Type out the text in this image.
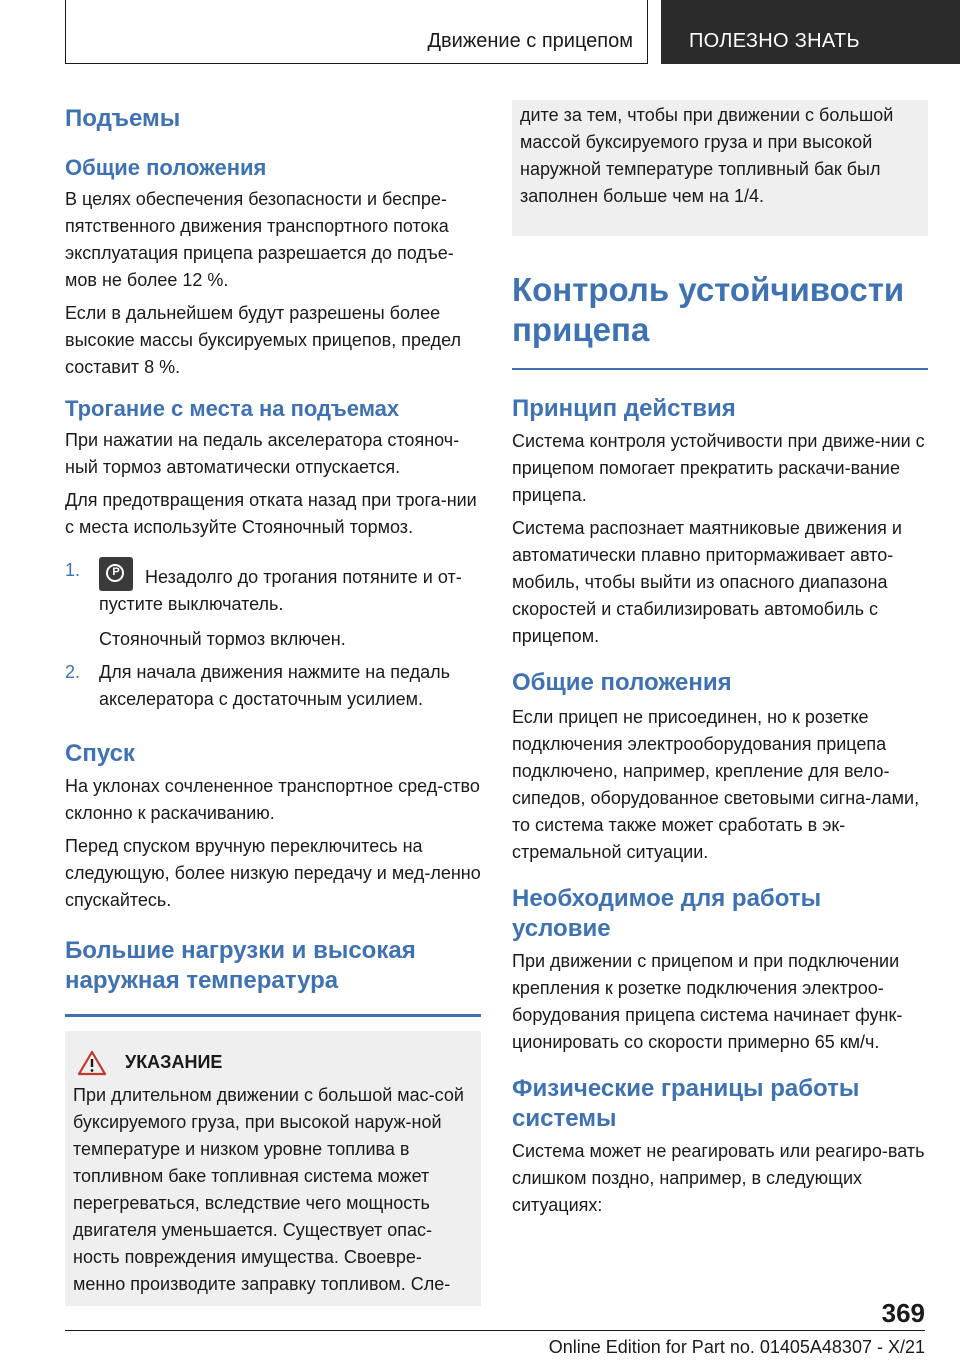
Движение с прицепом	ПОЛЕЗНО ЗНАТЬ
Подъемы
Общие положения

В целях обеспечения безопасности и беспре-пятственного движения транспортного потока эксплуатация прицепа разрешается до подъе-мов не более 12 %.

Если в дальнейшем будут разрешены более высокие массы буксируемых прицепов, предел составит 8 %.

Трогание с места на подъемах

При нажатии на педаль акселератора стояноч-ный тормоз автоматически отпускается.

Для предотвращения отката назад при трога-нии с места используйте Стояночный тормоз.

1.	P	Незадолго до трогания потяните и от-пустите выключатель.

Стояночный тормоз включен.

2.	Для начала движения нажмите на педаль акселератора с достаточным усилием.

Спуск

На уклонах сочлененное транспортное сред-ство склонно к раскачиванию.

Перед спуском вручную переключитесь на следующую, более низкую передачу и мед-ленно спускайтесь.

Большие нагрузки и высокая
наружная температура
УКАЗАНИЕ

При длительном движении с большой мас-сой буксируемого груза, при высокой наруж-ной температуре и низком уровне топлива в топливном баке топливная система может перегреваться, вследствие чего мощность двигателя уменьшается. Существует опас-ность повреждения имущества. Своевре-менно производите заправку топливом. Сле-

дите за тем, чтобы при движении с большой массой буксируемого груза и при высокой наружной температуре топливный бак был заполнен больше чем на 1/4.

Контроль устойчивости
прицепа
Принцип действия

Система контроля устойчивости при движе-нии с прицепом помогает прекратить раскачи-вание прицепа.

Система распознает маятниковые движения и автоматически плавно притормаживает авто-мобиль, чтобы выйти из опасного диапазона скоростей и стабилизировать автомобиль с прицепом.

Общие положения

Если прицеп не присоединен, но к розетке подключения электрооборудования прицепа подключено, например, крепление для вело-сипедов, оборудованное световыми сигна-лами, то система также может сработать в эк-стремальной ситуации.

Необходимое для работы
условие

При движении с прицепом и при подключении крепления к розетке подключения электроо-борудования прицепа система начинает функ-ционировать со скорости примерно 65 км/ч.

Физические границы работы
системы

Система может не реагировать или реагиро-вать слишком поздно, например, в следующих ситуациях:

369
Online Edition for Part no. 01405A48307 - X/21
